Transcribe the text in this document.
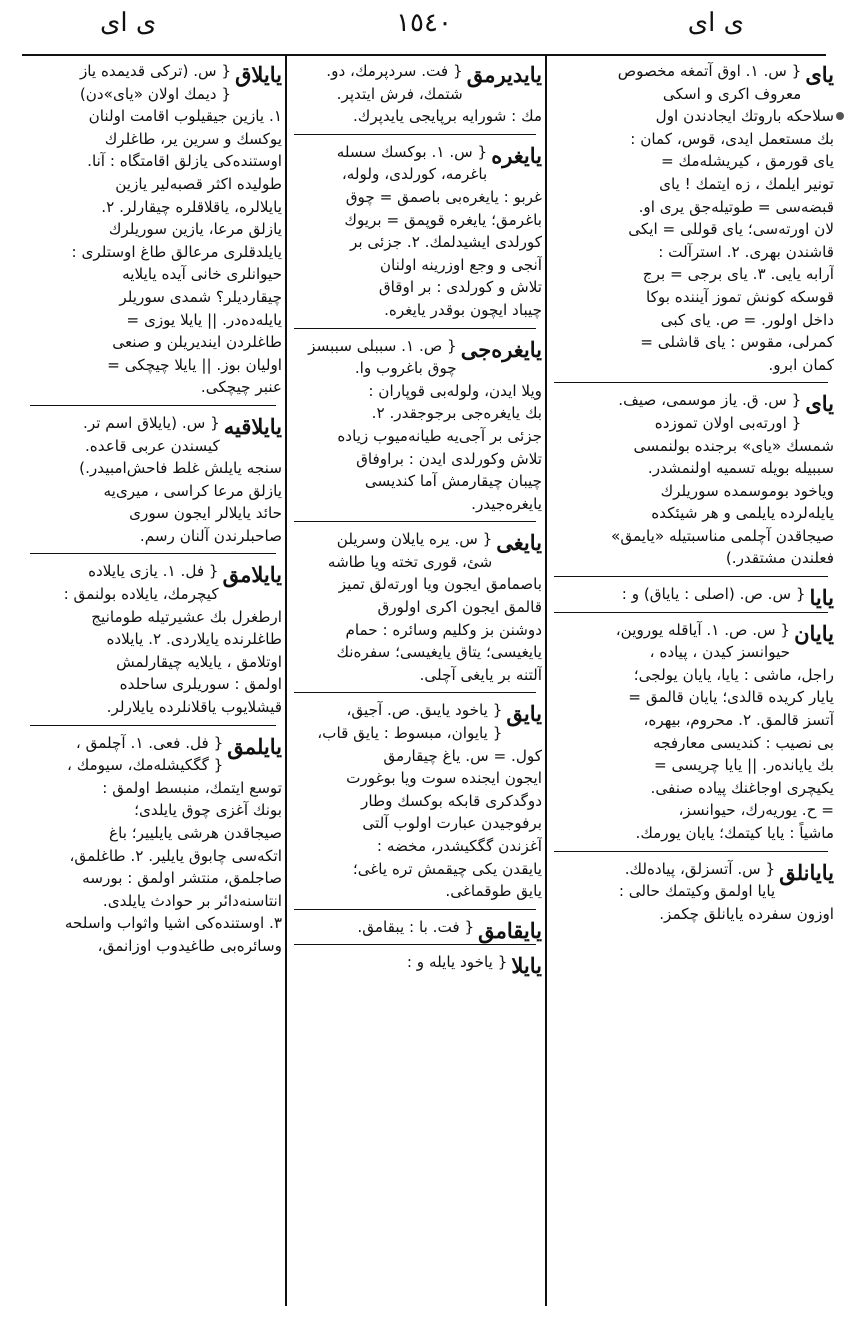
ى اى	١٥٤٠	ى اى
ياى
{ س. ١. اوق آتمغه مخصوص
معروف اكرى و اسكى
سلاحكه باروتك ايجادندن اول
بك مستعمل ايدى، قوس، كمان :
ياى قورمق ، كيريشله‌مك =
تونير ايلمك ، زه ايتمك ! ياى
قبضه‌سى = طوتيله‌جق يرى او.
لان اورته‌سى؛ ياى قوللى = ايكى
قاشندن بهرى. ٢. استرآلت :
آرابه يايى. ٣. ياى برجى = برج
قوسكه كونش تموز آيننده بوكا
داخل اولور. = ص. ياى كبى
كمرلى، مقوس : ياى قاشلى =
كمان ابرو.
ياى
{ س. ق. ياز موسمى، صيف.
{ اورته‌بى اولان تموزده
شمسك «ياى» برجنده بولنمسى
سببيله بويله تسميه اولنمشدر.
وياخود بوموسمده سوريلرك
يايله‌لرده يايلمى و هر شيئكده
صيجاقدن آچلمى مناسبتيله «يايمق»
فعلندن مشتقدر.)
يايا
{ س. ص. (اصلى : ياياق) و :
يايان
{ س. ص. ١. آياقله يوروين،
حيوانسز كيدن ، پياده ،
راجل، ماشى : يايا، يايان يولجى؛
يايار كريده قالدى؛ يايان قالمق =
آتسز قالمق. ٢. محروم، بيهره،
بى نصيب : كنديسى معارفجه
بك يايانده‌ر. || يايا چريسى =
يكيچرى اوجاغنك پياده صنفى.
= ح. يوريه‌رك، حيوانسز،
ماشياً : يايا كيتمك؛ يايان يورمك.
يايانلق
{ س. آتسزلق، پياده‌لك.
يايا اولمق وكيتمك حالى :
اوزون سفرده يايانلق چكمز.
يايديرمق
{ فت. سردپرمك، دو.
شتمك، فرش ايتدپر.
مك : شورايه برپايجى يايدپرك.
يايغره
{ س. ١. بوكسك سسله
باغرمه، كورلدى، ولوله،
غربو : يايغره‌بى باصمق = چوق
باغرمق؛ يايغره قوپمق = بريوك
كورلدى ايشيدلمك. ٢. جزئى بر
آنجى و وجع اوزرينه اولنان
تلاش و كورلدى : بر اوقاق
چيباد ايچون بوقدر يايغره.
يايغره‌جى
{ ص. ١. سببلى سببسز
چوق باغروب وا.
ويلا ايدن، ولوله‌بى قوپاران :
بك يايغره‌جى برجوجقدر. ٢.
جزئى بر آجى‌يه طيانه‌ميوب زياده
تلاش وكورلدى ايدن : براوفاق
چيبان چيقارمش آما كنديسى
يايغره‌جيدر.
يايغى
{ س. يره يايلان وسريلن
شئ، قورى تخته ويا طاشه
باصمامق ايجون ويا اورته‌لق تميز
قالمق ايجون اكرى اولورق
دوشنن بز وكليم وسائره : حمام
يايغيسى؛ يتاق يايغيسى؛ سفره‌نك
آلتنه بر يايغى آچلى.
يايق
{ ياخود يايىق. ص. آجيق،
{ يايوان، مبسوط : يايق قاب،
كول. = س. ياغ چيقارمق
ايجون ايجنده سوت ويا بوغورت
دوگدكرى قابكه بوكسك وطار
برفوجيدن عبارت اولوب آلتى
آغزندن گگكيشدر، مخضه :
يايقدن يكى چيقمش تره ياغى؛
يايق طوقماغى.
يايقامق
{ فت. با : يبقامق.
يايلا
{ ياخود يايله و :
يايلاق
{ س. (تركى قديمده ياز
{ ديمك اولان «ياى»دن)
١. يازين جيقيلوب اقامت اولنان
يوكسك و سرين ير، طاغلرك
اوستنده‌كى يازلق اقامتگاه : آنا.
طوليده اكثر قصبه‌لير يازين
يايلالره، ياقلاقلره چيقارلر. ٢.
يازلق مرعا، يازين سوريلرك
يايلدقلرى مرعالق طاغ اوستلرى :
حيوانلرى خانى آيده يايلايه
چيقارديلر؟ شمدى سوريلر
يايله‌ده‌در. || يايلا يوزى =
طاغلردن اينديريلن و صنعى
اوليان بوز. || يايلا چيچكى =
عنبر چيچكى.
يايلاقيه
{ س. (يايلاق اسم تر.
كيسندن عربى قاعده.
سنجه يايلش غلط فاحش‌امبيدر.)
يازلق مرعا كراسى ، ميرى‌يه
حائد يايلالر ايجون سورى
صاحبلرندن آلنان رسم.
يايلامق
{ فل. ١. يازى يايلاده
كيچرمك، يايلاده بولنمق :
ارطغرل بك عشيرتيله طومانيج
طاغلرنده يايلاردى. ٢. يايلاده
اوتلامق ، يايلايه چيقارلمش
اولمق : سوريلرى ساحلده
قيشلايوب ياقلانلرده يايلارلر.
يايلمق
{ فل. فعى. ١. آچلمق ،
{ گگكيشله‌مك، سيومك ،
توسع ايتمك، منبسط اولمق :
بونك آغزى چوق يايلدى؛
صيجاقدن هرشى يايليير؛ باغ
اتكه‌سى چابوق يايلير. ٢. طاغلمق،
صاجلمق، منتشر اولمق : بورسه
انتاسنه‌داىٔر بر حوادث يايلدى.
٣. اوستنده‌كى اشيا واثواب واسلحه
وسائره‌بى طاغيدوب اوزانمق،
